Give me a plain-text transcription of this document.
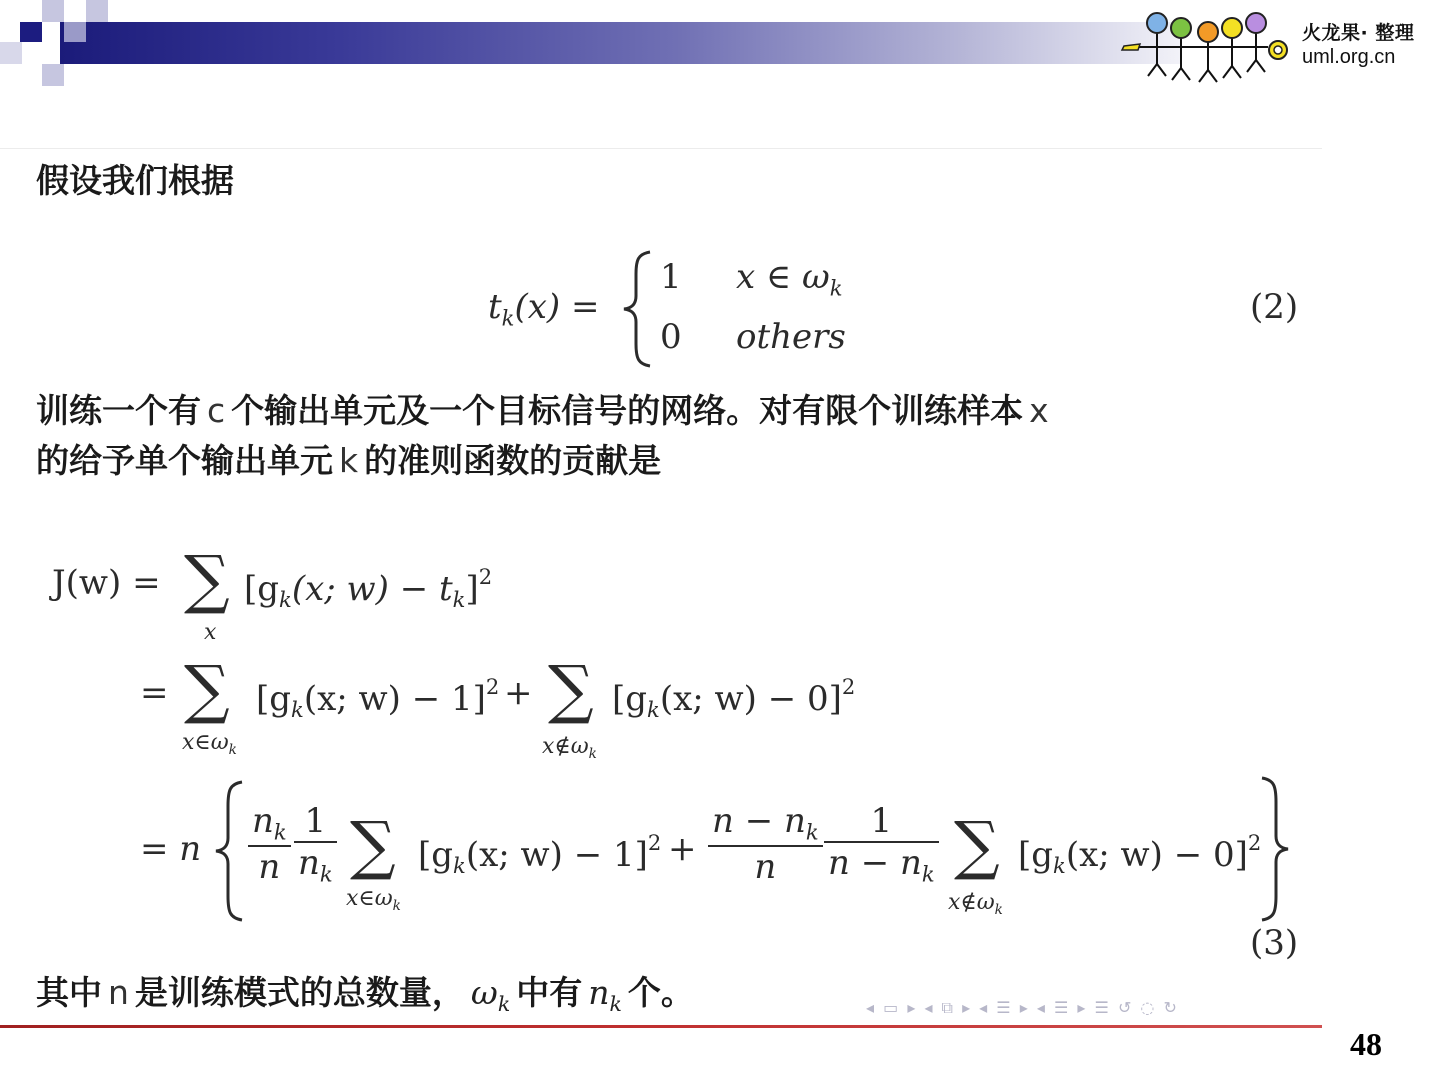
火龙果· 整理
uml.org.cn
假设我们根据
$t_k(x)$ =
1 x ∈ $\omega_k$
0 others
(2)
训练一个有 c 个输出单元及一个目标信号的网络。对有限个训练样本 x
的给予单个输出单元 k 的准则函数的贡献是
J(w) = ∑
x
[$g_k(x$; $w) - t_k]^2$
= ∑
$x\in\omega_k$
[$g_k(x$; w) − 1]$^2$ + ∑
$x\notin\omega_k$
[$g_k(x$; w) − 0]$^2$
= n $\frac{n_k}{n} \frac{1}{n_k}$ ∑
$x\in\omega_k$
[$g_k(x$; $w) - 1]^2 + \frac{n - n_k}{n} \frac{1}{n - n_k}$ ∑
$x\notin\omega_k$
[$g_k(x$; w) − 0]$^2$
(3)
其中 n 是训练模式的总数量， $\omega_k$ 中有 $n_k$ 个。	◂ ▭ ▸ ◂ ⧉ ▸ ◂ ☰ ▸ ◂ ☰ ▸ ☰ ↺ ◌ ↻
48
